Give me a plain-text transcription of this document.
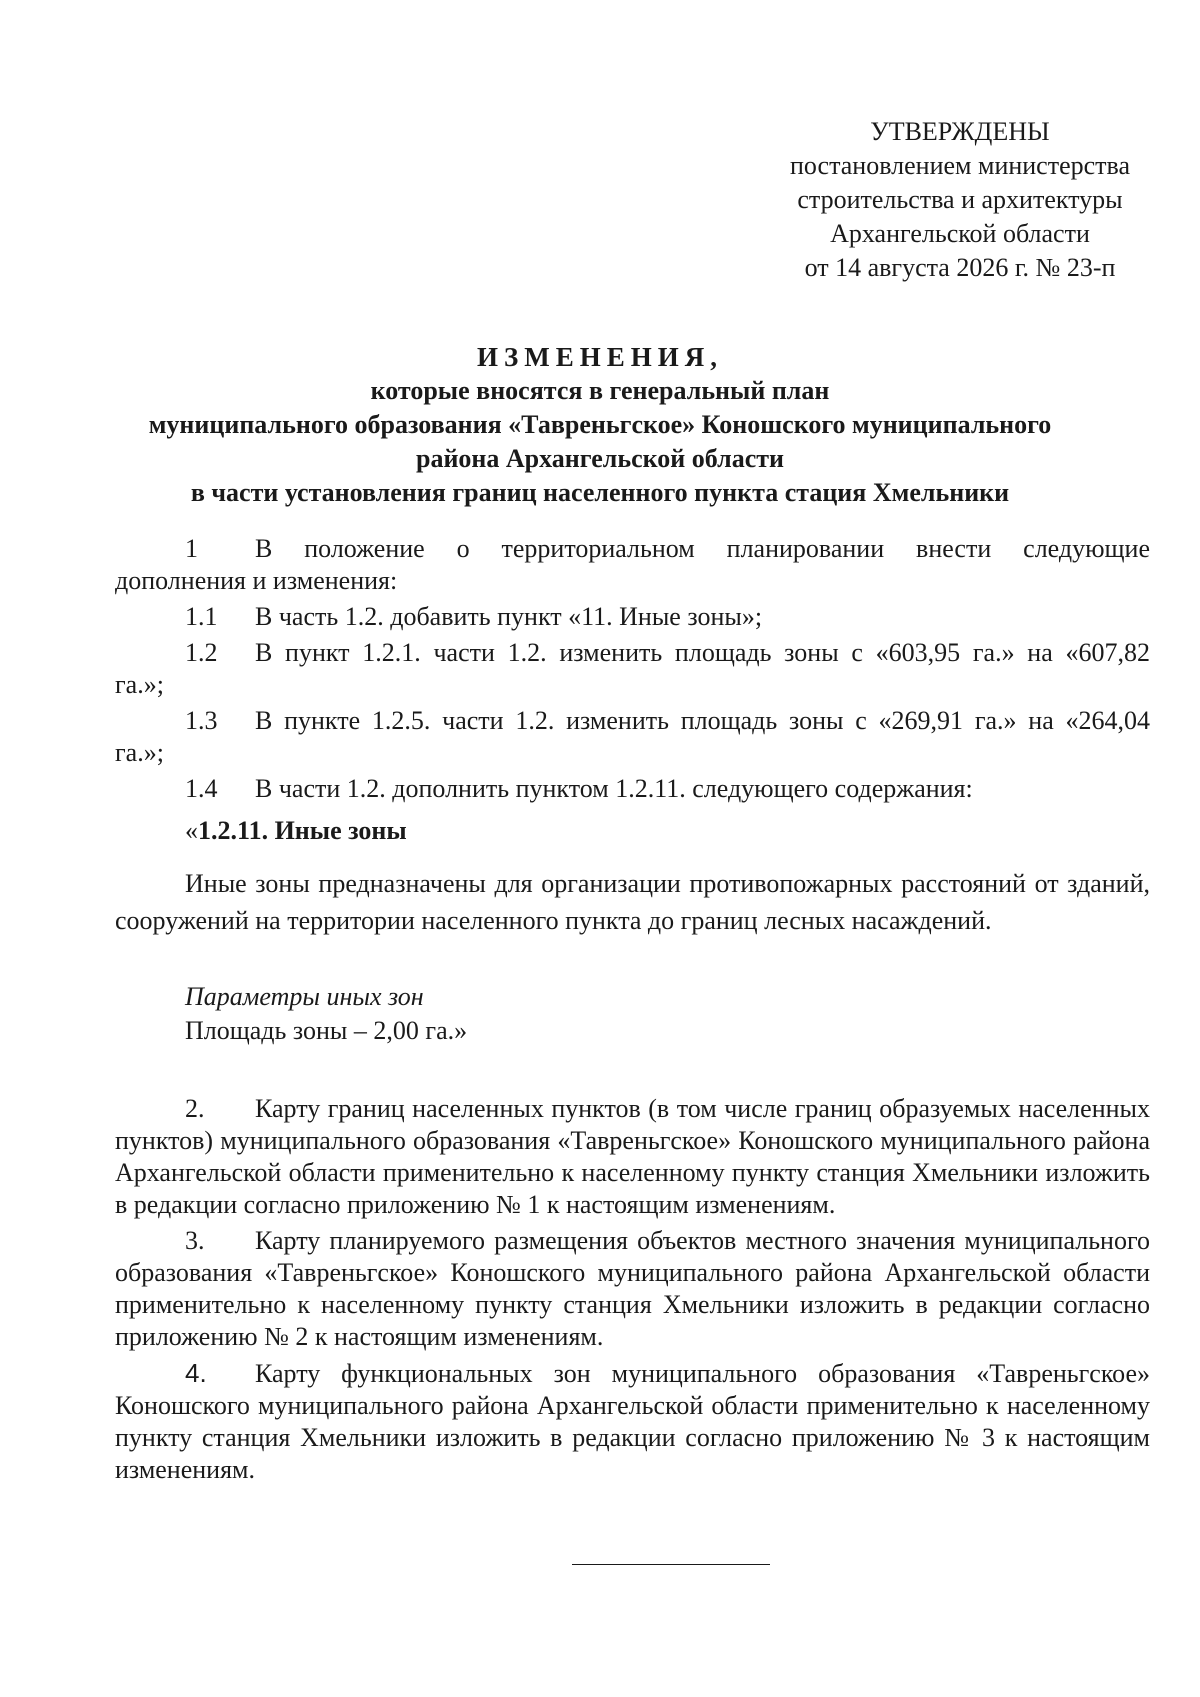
УТВЕРЖДЕНЫ
постановлением министерства
строительства и архитектуры
Архангельской области
от 14 августа 2026 г. № 23-п
ИЗМЕНЕНИЯ,
которые вносятся в генеральный план
муниципального образования «Тавреньгское» Коношского муниципального
района Архангельской области
в части установления границ населенного пункта стация Хмельники
1 В положение о территориальном планировании внести следующие
дополнения и изменения:
1.1 В часть 1.2. добавить пункт «11. Иные зоны»;
1.2 В пункт 1.2.1. части 1.2. изменить площадь зоны с «603,95 га.» на «607,82
га.»;
1.3 В пункте 1.2.5. части 1.2. изменить площадь зоны с «269,91 га.» на «264,04
га.»;
1.4 В части 1.2. дополнить пунктом 1.2.11. следующего содержания:
«1.2.11. Иные зоны
Иные зоны предназначены для организации противопожарных расстояний от зданий, сооружений на территории населенного пункта до границ лесных насаждений.
Параметры иных зон
Площадь зоны – 2,00 га.»
2. Карту границ населенных пунктов (в том числе границ образуемых населенных пунктов) муниципального образования «Тавреньгское» Коношского муниципального района Архангельской области применительно к населенному пункту станция Хмельники изложить в редакции согласно приложению № 1 к настоящим изменениям.
3. Карту планируемого размещения объектов местного значения муниципального образования «Тавреньгское» Коношского муниципального района Архангельской области применительно к населенному пункту станция Хмельники изложить в редакции согласно приложению № 2 к настоящим изменениям.
4. Карту функциональных зон муниципального образования «Тавреньгское» Коношского муниципального района Архангельской области применительно к населенному пункту станция Хмельники изложить в редакции согласно приложению № 3 к настоящим изменениям.
